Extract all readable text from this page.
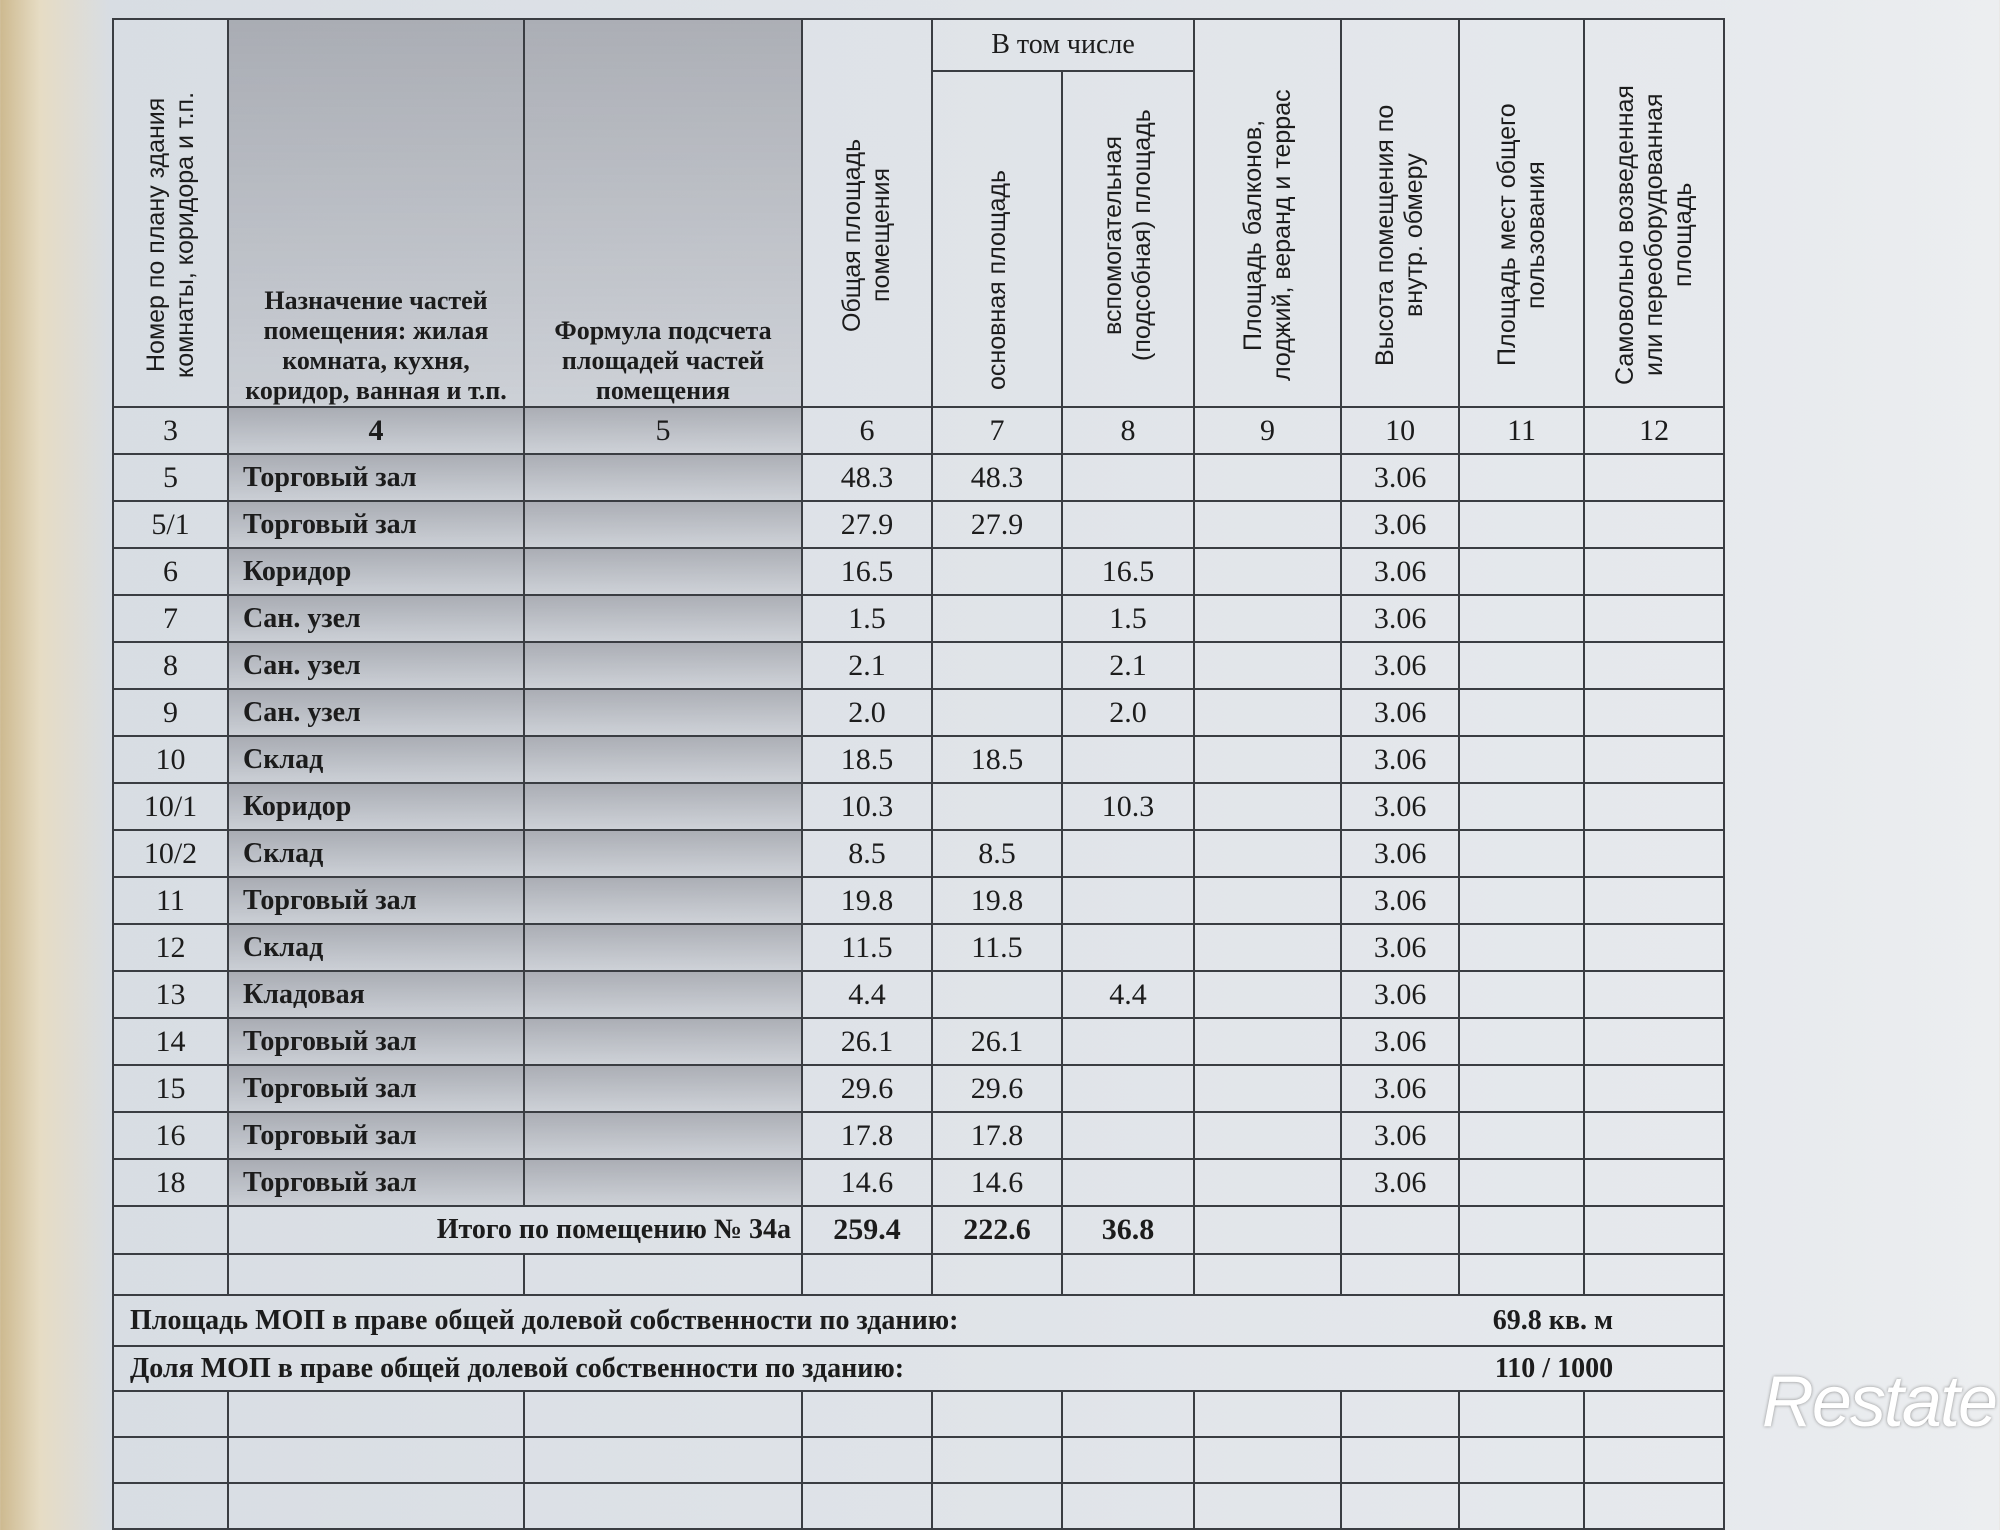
Номер по плану здания комнаты, коридора и т.п.	Назначение частей помещения: жилая комната, кухня, коридор, ванная и т.п.	Формула подсчета площадей частей помещения	Общая площадь помещения	В том числе		Площадь балконов, лоджий, веранд и террас	Высота помещения по внутр. обмеру	Площадь мест общего пользования	Самовольно возведенная или переоборудованная площадь
				основная площадь	вспомогательная (подсобная) площадь				
3	4	5	6	7	8	9	10	11	12
5	Торговый зал		48.3	48.3			3.06		
5/1	Торговый зал		27.9	27.9			3.06		
6	Коридор		16.5		16.5		3.06		
7	Сан. узел		1.5		1.5		3.06		
8	Сан. узел		2.1		2.1		3.06		
9	Сан. узел		2.0		2.0		3.06		
10	Склад		18.5	18.5			3.06		
10/1	Коридор		10.3		10.3		3.06		
10/2	Склад		8.5	8.5			3.06		
11	Торговый зал		19.8	19.8			3.06		
12	Склад		11.5	11.5			3.06		
13	Кладовая		4.4		4.4		3.06		
14	Торговый зал		26.1	26.1			3.06		
15	Торговый зал		29.6	29.6			3.06		
16	Торговый зал		17.8	17.8			3.06		
18	Торговый зал		14.6	14.6			3.06		
	Итого по помещению № 34а		259.4	222.6	36.8				

Площадь МОП в праве общей долевой собственности по зданию:							69.8 кв. м		
Доля МОП в праве общей долевой собственности по зданию:							110 / 1000		

									Restate
